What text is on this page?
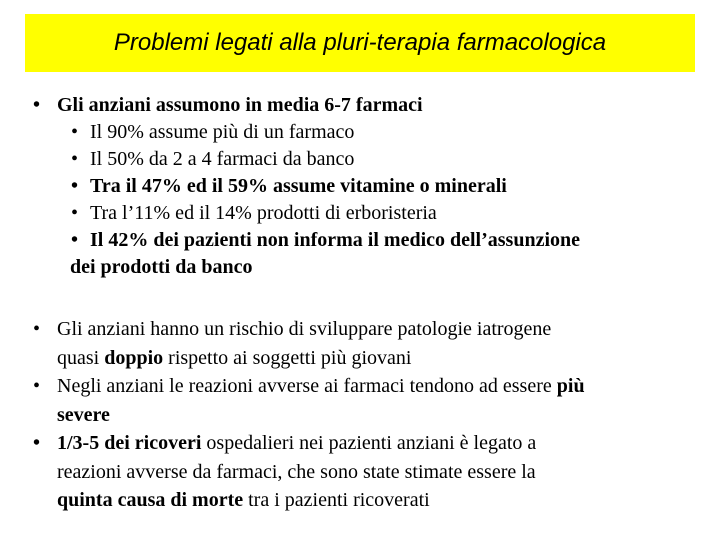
Problemi legati alla pluri-terapia farmacologica
• Gli anziani assumono in media 6-7 farmaci
• Il 90% assume più di un farmaco
• Il 50% da 2 a 4 farmaci da banco
• Tra il 47% ed il 59% assume vitamine o minerali
• Tra l’11% ed il 14% prodotti di erboristeria
• Il 42% dei pazienti non informa il medico dell’assunzione
dei prodotti da banco
• Gli anziani hanno un rischio di sviluppare patologie iatrogene
quasi doppio rispetto ai soggetti più giovani
• Negli anziani le reazioni avverse ai farmaci tendono ad essere più
severe
• 1/3-5 dei ricoveri ospedalieri nei pazienti anziani è legato a
reazioni avverse da farmaci, che sono state stimate essere la
quinta causa di morte tra i pazienti ricoverati
